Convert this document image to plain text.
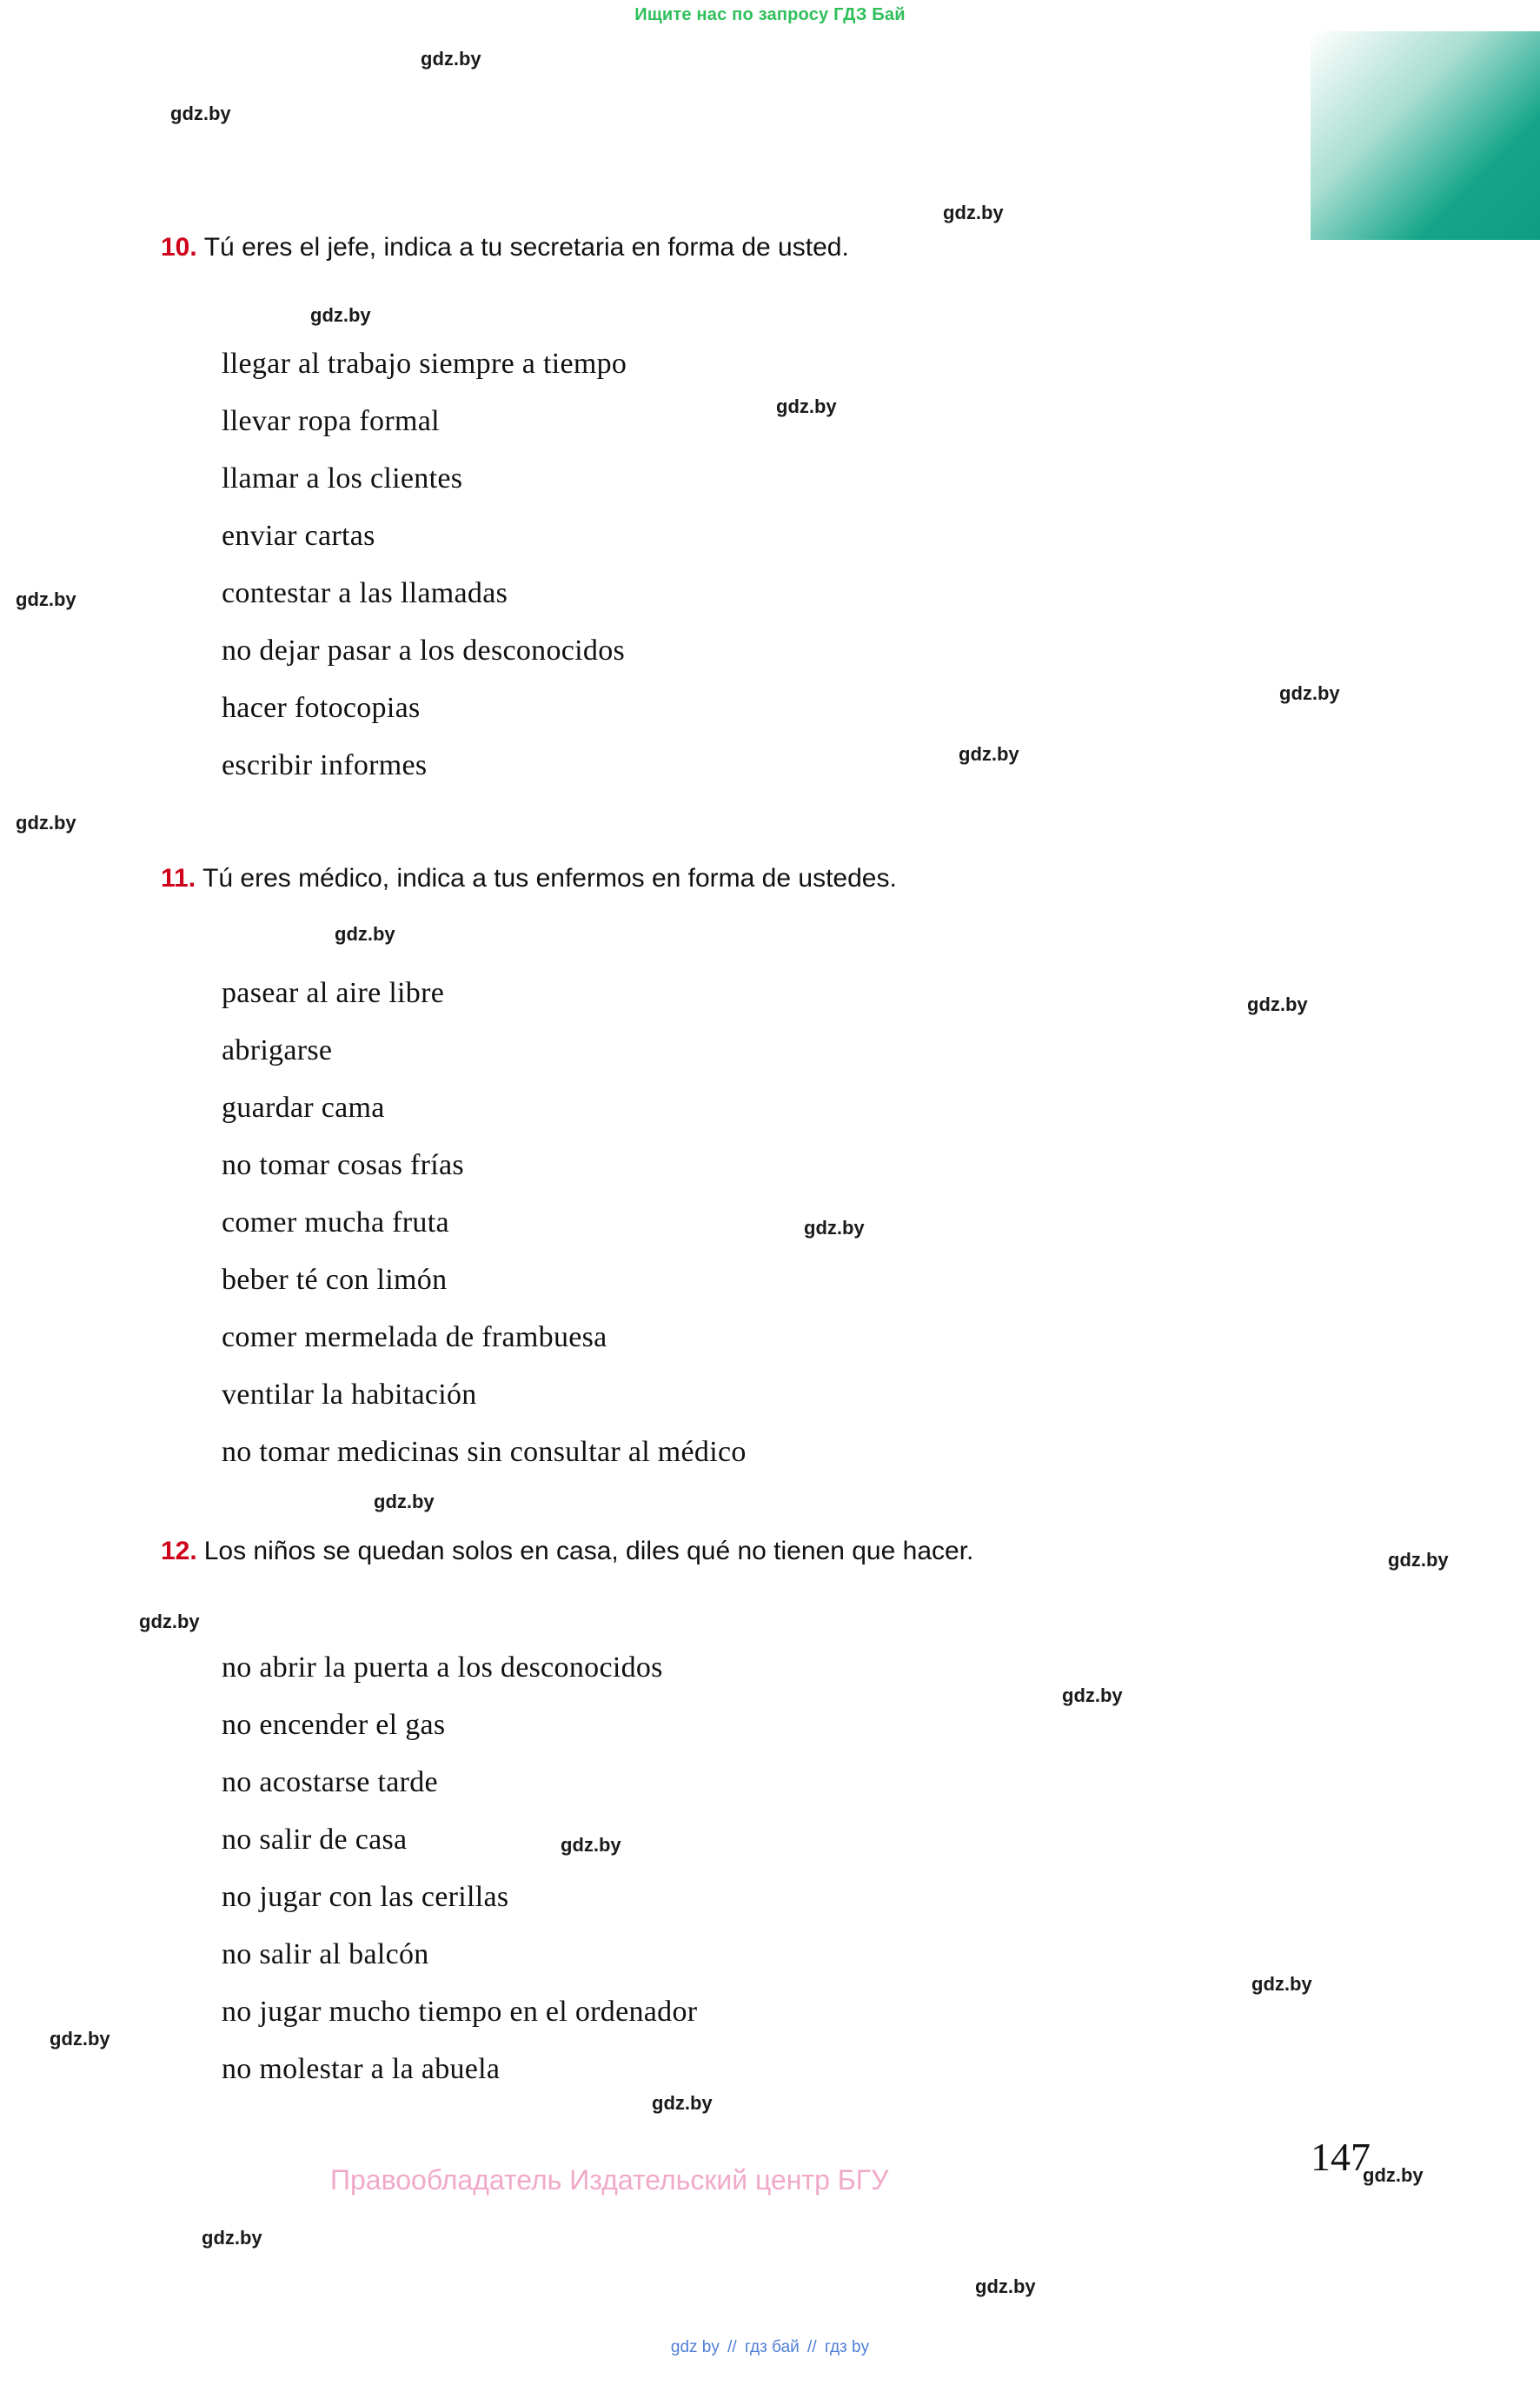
Ищите нас по запросу ГДЗ Бай
10. Tú eres el jefe, indica a tu secretaria en forma de usted.
llegar al trabajo siempre a tiempo
llevar ropa formal
llamar a los clientes
enviar cartas
contestar a las llamadas
no dejar pasar a los desconocidos
hacer fotocopias
escribir informes
11. Tú eres médico, indica a tus enfermos en forma de ustedes.
pasear al aire libre
abrigarse
guardar cama
no tomar cosas frías
comer mucha fruta
beber té con limón
comer mermelada de frambuesa
ventilar la habitación
no tomar medicinas sin consultar al médico
12. Los niños se quedan solos en casa, diles qué no tienen que hacer.
no abrir la puerta a los desconocidos
no encender el gas
no acostarse tarde
no salir de casa
no jugar con las cerillas
no salir al balcón
no jugar mucho tiempo en el ordenador
no molestar a la abuela
Правообладатель Издательский центр БГУ
147
gdz by // гдз бай // гдз by
gdz.by
gdz.by
gdz.by
gdz.by
gdz.by
gdz.by
gdz.by
gdz.by
gdz.by
gdz.by
gdz.by
gdz.by
gdz.by
gdz.by
gdz.by
gdz.by
gdz.by
gdz.by
gdz.by
gdz.by
gdz.by
gdz.by
gdz.by
